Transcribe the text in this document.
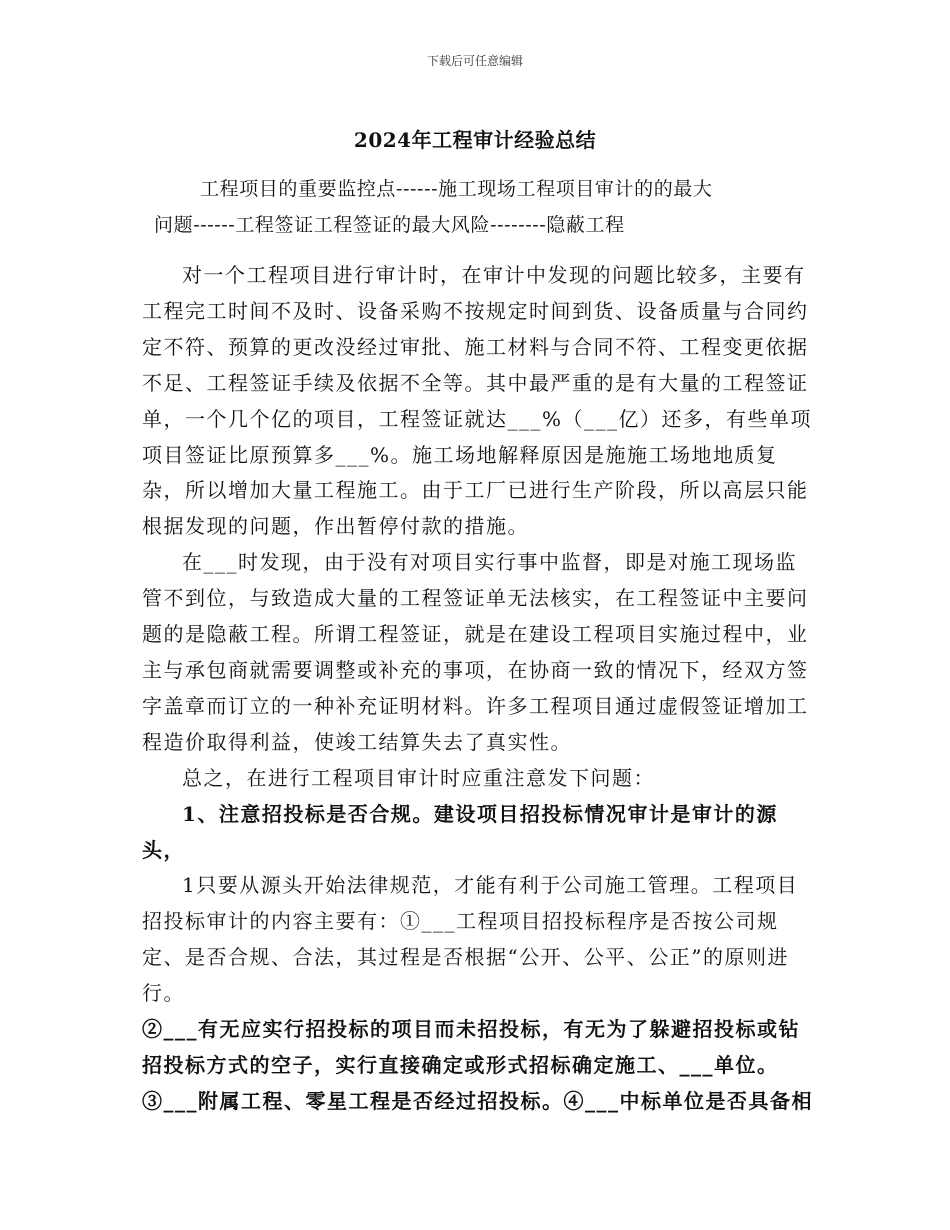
下载后可任意编辑
2024年工程审计经验总结
工程项目的重要监控点------施工现场工程项目审计的的最大
问题------工程签证工程签证的最大风险--------隐蔽工程

对一个工程项目进行审计时，在审计中发现的问题比较多，主要有工程完工时间不及时、设备采购不按规定时间到货、设备质量与合同约定不符、预算的更改没经过审批、施工材料与合同不符、工程变更依据不足、工程签证手续及依据不全等。其中最严重的是有大量的工程签证单，一个几个亿的项目，工程签证就达___%（___亿）还多，有些单项项目签证比原预算多___%。施工场地解释原因是施施工场地地质复杂，所以增加大量工程施工。由于工厂已进行生产阶段，所以高层只能根据发现的问题，作出暂停付款的措施。

在___时发现，由于没有对项目实行事中监督，即是对施工现场监管不到位，与致造成大量的工程签证单无法核实，在工程签证中主要问题的是隐蔽工程。所谓工程签证，就是在建设工程项目实施过程中，业主与承包商就需要调整或补充的事项，在协商一致的情况下，经双方签字盖章而订立的一种补充证明材料。许多工程项目通过虚假签证增加工程造价取得利益，使竣工结算失去了真实性。

总之，在进行工程项目审计时应重注意发下问题：

1、注意招投标是否合规。建设项目招投标情况审计是审计的源头，

1只要从源头开始法律规范，才能有利于公司施工管理。工程项目招投标审计的内容主要有：①___工程项目招投标程序是否按公司规定、是否合规、合法，其过程是否根据“公开、公平、公正”的原则进行。

②___有无应实行招投标的项目而未招投标，有无为了躲避招投标或钻招投标方式的空子，实行直接确定或形式招标确定施工、___单位。③___附属工程、零星工程是否经过招投标。④___中标单位是否具备相
